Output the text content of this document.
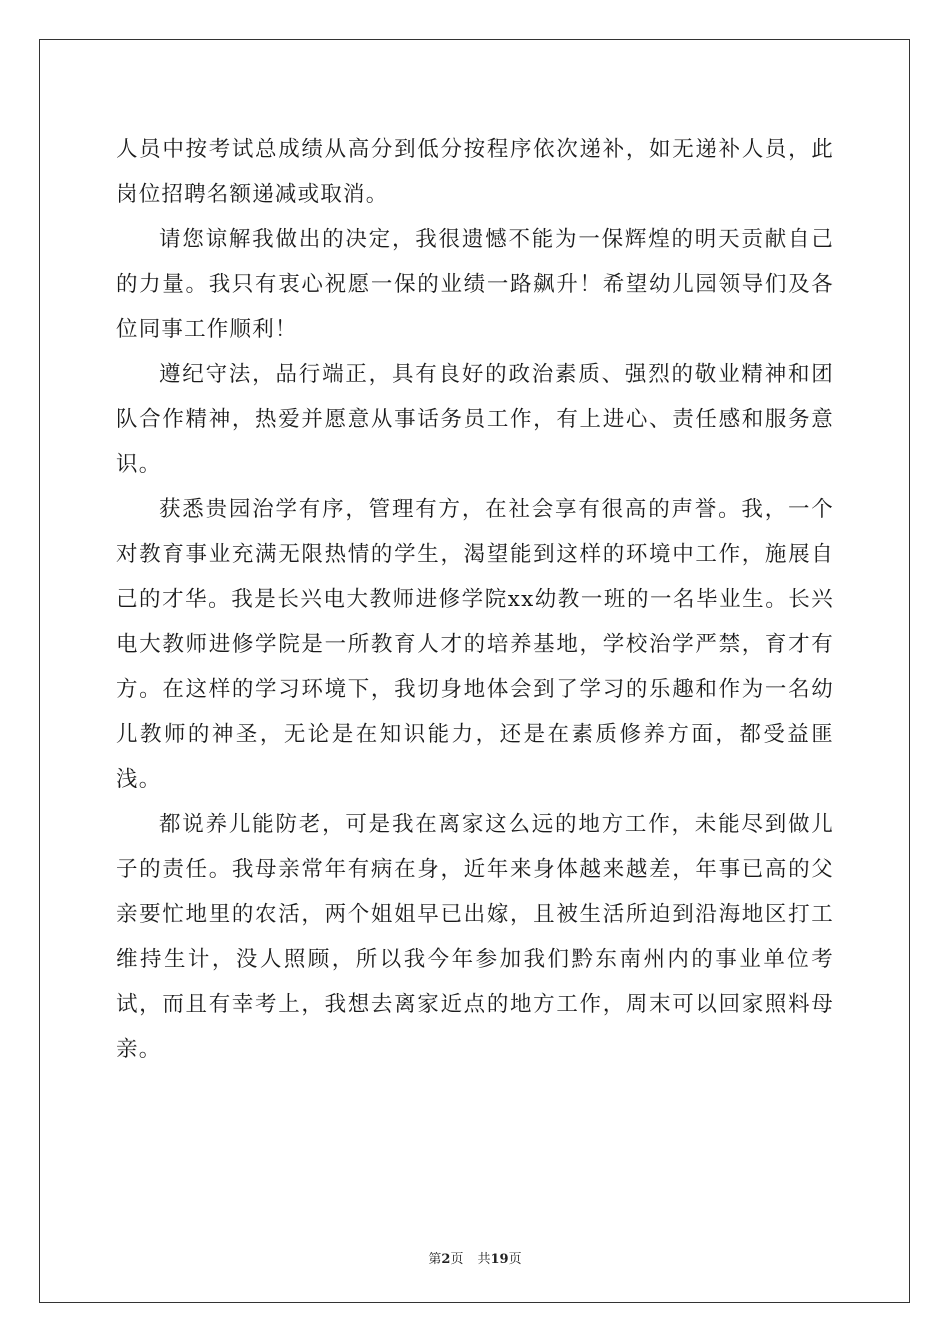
人员中按考试总成绩从高分到低分按程序依次递补，如无递补人员，此岗位招聘名额递减或取消。

请您谅解我做出的决定，我很遗憾不能为一保辉煌的明天贡献自己的力量。我只有衷心祝愿一保的业绩一路飙升！希望幼儿园领导们及各位同事工作顺利！

遵纪守法，品行端正，具有良好的政治素质、强烈的敬业精神和团队合作精神，热爱并愿意从事话务员工作，有上进心、责任感和服务意识。

获悉贵园治学有序，管理有方，在社会享有很高的声誉。我，一个对教育事业充满无限热情的学生，渴望能到这样的环境中工作，施展自己的才华。我是长兴电大教师进修学院xx幼教一班的一名毕业生。长兴电大教师进修学院是一所教育人才的培养基地，学校治学严禁，育才有方。在这样的学习环境下，我切身地体会到了学习的乐趣和作为一名幼儿教师的神圣，无论是在知识能力，还是在素质修养方面，都受益匪浅。

都说养儿能防老，可是我在离家这么远的地方工作，未能尽到做儿子的责任。我母亲常年有病在身，近年来身体越来越差，年事已高的父亲要忙地里的农活，两个姐姐早已出嫁，且被生活所迫到沿海地区打工维持生计，没人照顾，所以我今年参加我们黔东南州内的事业单位考试，而且有幸考上，我想去离家近点的地方工作，周末可以回家照料母亲。

第2页 共19页
